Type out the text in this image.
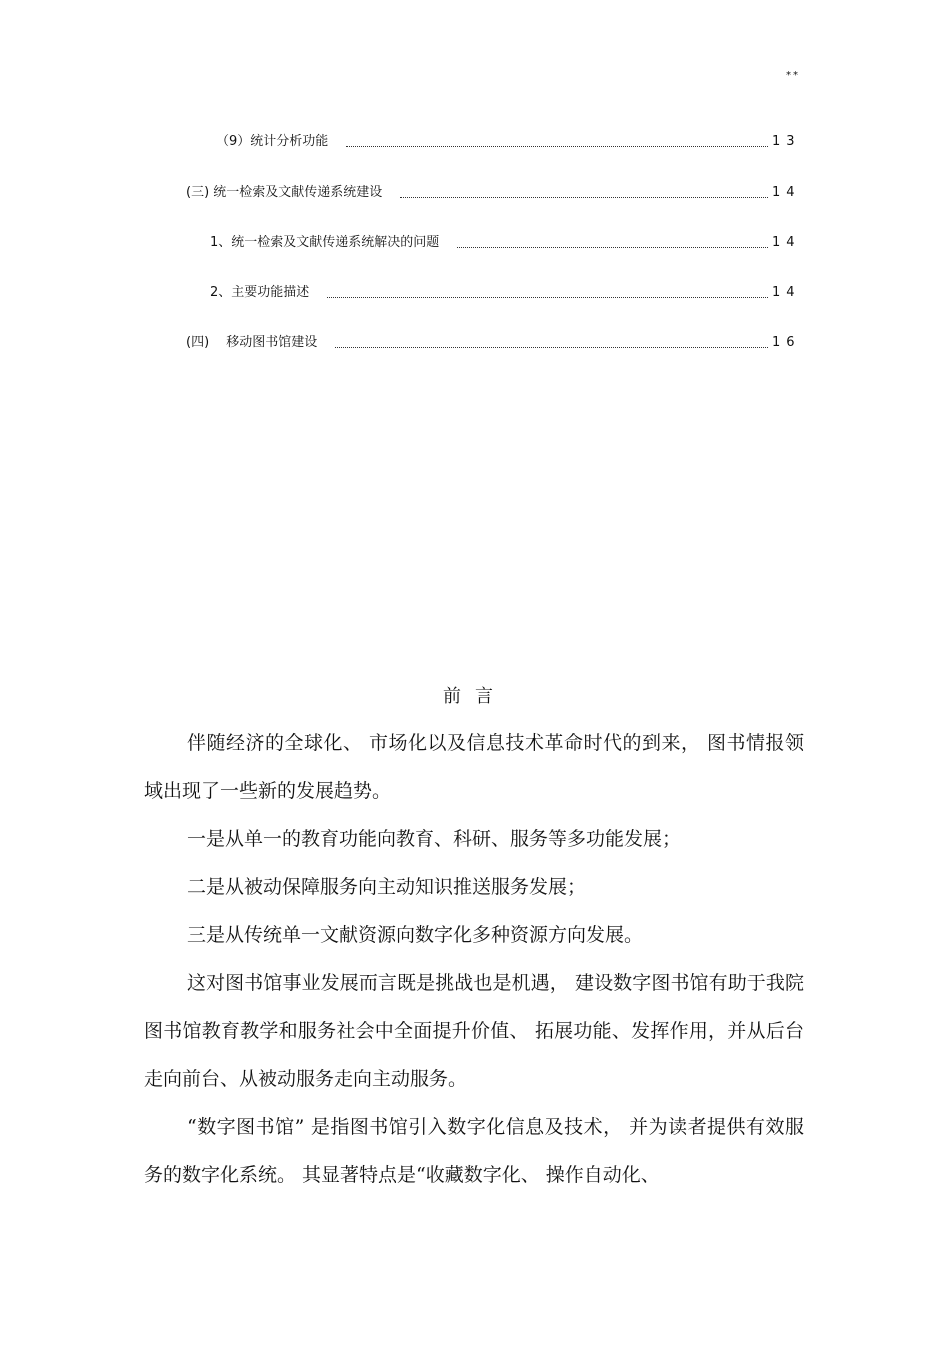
**
（9）统计分析功能	13
(三) 统一检索及文献传递系统建设	14
1、统一检索及文献传递系统解决的问题	14
2、主要功能描述	14
(四)　 移动图书馆建设	16
前言

伴随经济的全球化、 市场化以及信息技术革命时代的到来， 图书情报领域出现了一些新的发展趋势。

一是从单一的教育功能向教育、科研、服务等多功能发展；

二是从被动保障服务向主动知识推送服务发展；

三是从传统单一文献资源向数字化多种资源方向发展。

这对图书馆事业发展而言既是挑战也是机遇， 建设数字图书馆有助于我院图书馆教育教学和服务社会中全面提升价值、 拓展功能、发挥作用，并从后台走向前台、从被动服务走向主动服务。

“数字图书馆” 是指图书馆引入数字化信息及技术， 并为读者提供有效服务的数字化系统。 其显著特点是“收藏数字化、 操作自动化、
